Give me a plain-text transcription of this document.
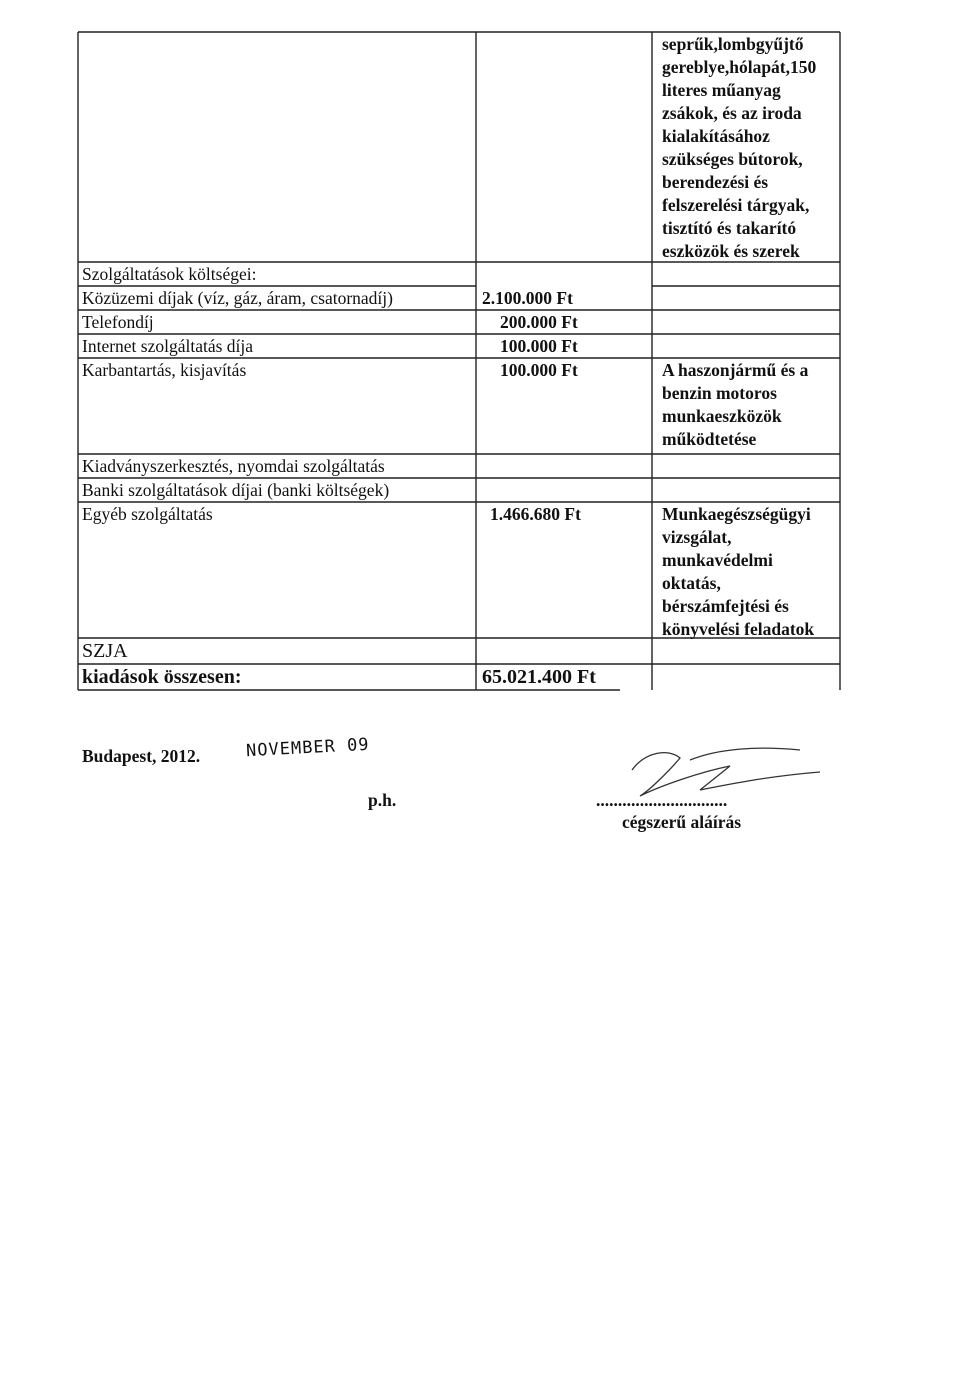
Szolgáltatások költségei:
Közüzemi díjak (víz, gáz, áram, csatornadíj)
Telefondíj
Internet szolgáltatás díja
Karbantartás, kisjavítás
Kiadványszerkesztés, nyomdai szolgáltatás
Banki szolgáltatások díjai (banki költségek)
Egyéb szolgáltatás
SZJA
kiadások összesen:
2.100.000 Ft
200.000 Ft
100.000 Ft
100.000 Ft
1.466.680 Ft
65.021.400 Ft
seprűk,lombgyűjtő
gereblye,hólapát,150
literes műanyag
zsákok, és az iroda
kialakításához
szükséges bútorok,
berendezési és
felszerelési tárgyak,
tisztító és takarító
eszközök és szerek
A haszonjármű és a
benzin motoros
munkaeszközök
működtetése
Munkaegészségügyi
vizsgálat,
munkavédelmi
oktatás,
bérszámfejtési és
könyvelési feladatok
Budapest, 2012.	NOVEMBER 09
p.h.	..............................
cégszerű aláírás
